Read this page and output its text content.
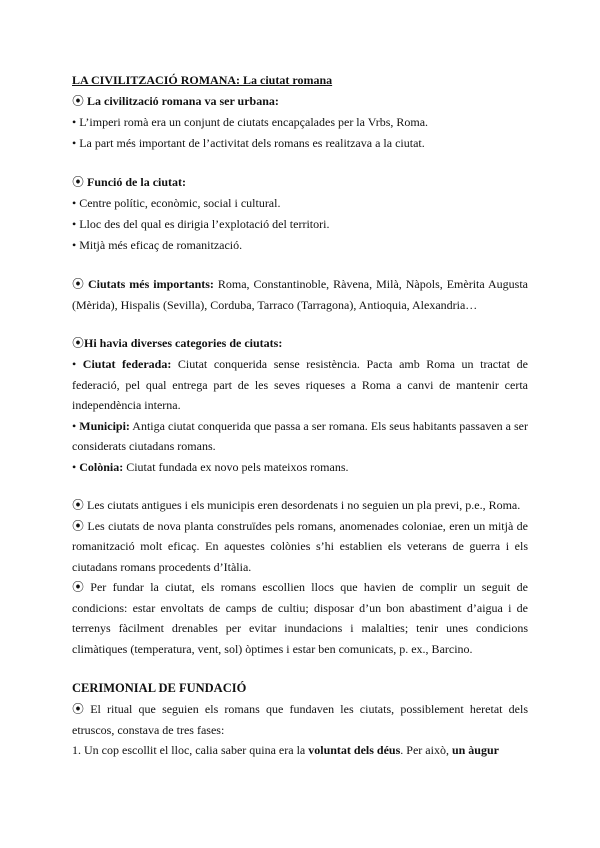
LA CIVILITZACIÓ ROMANA: La ciutat romana

⦿ La civilització romana va ser urbana:

• L’imperi romà era un conjunt de ciutats encapçalades per la Vrbs, Roma.

• La part més important de l’activitat dels romans es realitzava a la ciutat.

⦿ Funció de la ciutat:

• Centre polític, econòmic, social i cultural.

• Lloc des del qual es dirigia l’explotació del territori.

• Mitjà més eficaç de romanització.

⦿ Ciutats més importants: Roma, Constantinoble, Ràvena, Milà, Nàpols, Emèrita Augusta (Mèrida), Hispalis (Sevilla), Corduba, Tarraco (Tarragona), Antioquia, Alexandria…

⦿Hi havia diverses categories de ciutats:

• Ciutat federada: Ciutat conquerida sense resistència. Pacta amb Roma un tractat de federació, pel qual entrega part de les seves riqueses a Roma a canvi de mantenir certa independència interna.

• Municipi: Antiga ciutat conquerida que passa a ser romana. Els seus habitants passaven a ser considerats ciutadans romans.

• Colònia: Ciutat fundada ex novo pels mateixos romans.

⦿ Les ciutats antigues i els municipis eren desordenats i no seguien un pla previ, p.e., Roma.

⦿ Les ciutats de nova planta construïdes pels romans, anomenades coloniae, eren un mitjà de romanització molt eficaç. En aquestes colònies s’hi establien els veterans de guerra i els ciutadans romans procedents d’Itàlia.

⦿ Per fundar la ciutat, els romans escollien llocs que havien de complir un seguit de condicions: estar envoltats de camps de cultiu; disposar d’un bon abastiment d’aigua i de terrenys fàcilment drenables per evitar inundacions i malalties; tenir unes condicions climàtiques (temperatura, vent, sol) òptimes i estar ben comunicats, p. ex., Barcino.

CERIMONIAL DE FUNDACIÓ

⦿ El ritual que seguien els romans que fundaven les ciutats, possiblement heretat dels etruscos, constava de tres fases:

1. Un cop escollit el lloc, calia saber quina era la voluntat dels déus. Per això, un àugur
